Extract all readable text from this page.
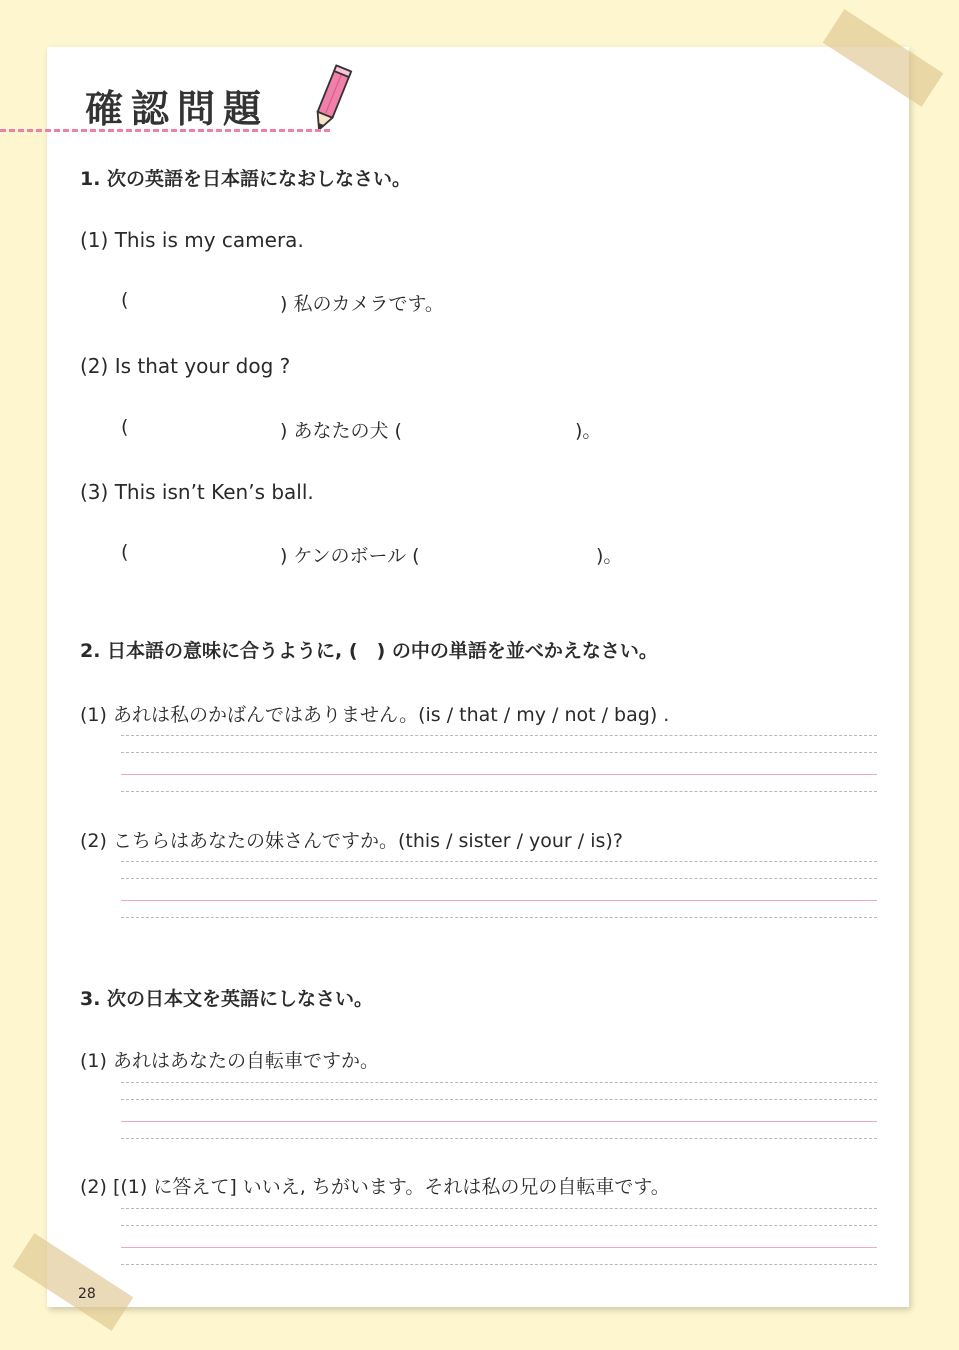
確認問題
1. 次の英語を日本語になおしなさい。
(1) This is my camera.
(	) 私のカメラです。
(2) Is that your dog ?
(	) あなたの犬 (	)。
(3) This isn’t Ken’s ball.
(	) ケンのボール (	)。
2. 日本語の意味に合うように, (　) の中の単語を並べかえなさい。
(1) あれは私のかばんではありません。(is / that / my / not / bag) .
(2) こちらはあなたの妹さんですか。(this / sister / your / is)?
3. 次の日本文を英語にしなさい。
(1) あれはあなたの自転車ですか。
(2) [(1) に答えて] いいえ, ちがいます。それは私の兄の自転車です。
28
